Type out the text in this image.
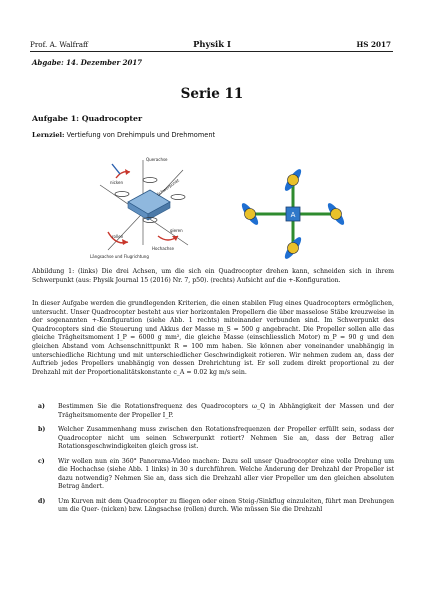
Prof. A. Walfraff	Physik I	HS 2017
Abgabe: 14. Dezember 2017
Serie 11
Aufgabe 1: Quadrocopter
Lernziel: Vertiefung von Drehimpuls und Drehmoment
Querachse
nicken	Schwerpunkt
gieren
rollen
Hochachse
Längsachse und Flugrichtung
A
Abbildung 1: (links) Die drei Achsen, um die sich ein Quadrocopter drehen kann, schneiden sich in ihrem Schwerpunkt (aus: Physik Journal 15 (2016) Nr. 7, p50). (rechts) Aufsicht auf die +-Konfiguration.
In dieser Aufgabe werden die grundlegenden Kriterien, die einen stabilen Flug eines Quadrocopters ermöglichen, untersucht. Unser Quadrocopter besteht aus vier horizontalen Propellern die über masselose Stäbe kreuzweise in der sogenannten +-Konfiguration (siehe Abb. 1 rechts) miteinander verbunden sind. Im Schwerpunkt des Quadrocopters sind die Steuerung und Akkus der Masse m_S = 500 g angebracht. Die Propeller sollen alle das gleiche Trägheitsmoment I_P = 6000 g mm², die gleiche Masse (einschliesslich Motor) m_P = 90 g und den gleichen Abstand vom Achsenschnittpunkt R = 100 mm haben. Sie können aber voneinander unabhängig in unterschiedliche Richtung und mit unterschiedlicher Geschwindigkeit rotieren. Wir nehmen zudem an, dass der Auftrieb jedes Propellers unabhängig von dessen Drehrichtung ist. Er soll zudem direkt proportional zu der Drehzahl mit der Proportionalitätskonstante c_A = 0.02 kg m/s sein.
a)	Bestimmen Sie die Rotationsfrequenz des Quadrocopters ω_Q in Abhängigkeit der Massen und der Trägheitsmomente der Propeller I_P.
b)	Welcher Zusammenhang muss zwischen den Rotationsfrequenzen der Propeller erfüllt sein, sodass der Quadrocopter nicht um seinen Schwerpunkt rotiert? Nehmen Sie an, dass der Betrag aller Rotationsgeschwindigkeiten gleich gross ist.
c)	Wir wollen nun ein 360° Panorama-Video machen: Dazu soll unser Quadrocopter eine volle Drehung um die Hochachse (siehe Abb. 1 links) in 30 s durchführen. Welche Änderung der Drehzahl der Propeller ist dazu notwendig? Nehmen Sie an, dass sich die Drehzahl aller vier Propeller um den gleichen absoluten Betrag ändert.
d)	Um Kurven mit dem Quadrocopter zu fliegen oder einen Steig-/Sinkflug einzuleiten, führt man Drehungen um die Quer- (nicken) bzw. Längsachse (rollen) durch. Wie müssen Sie die Drehzahl
